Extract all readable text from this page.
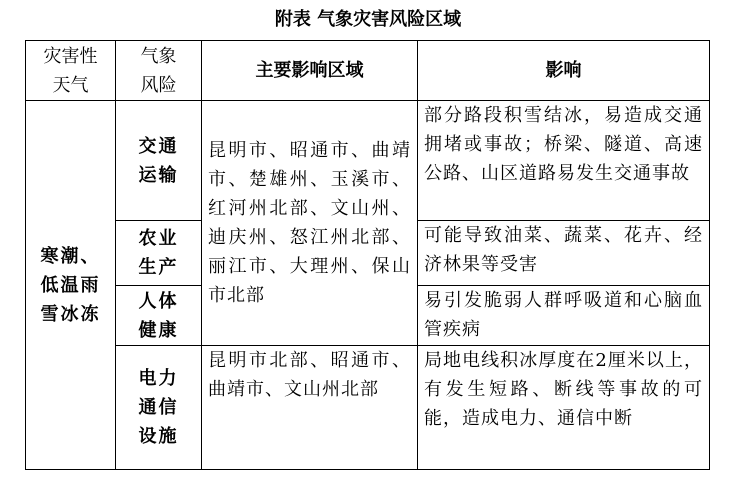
附表 气象灾害风险区域
灾害性天气	气象风险	主要影响区域	影响
寒潮、低温雨雪冰冻	交通运输	昆明市、昭通市、曲靖市、楚雄州、玉溪市、红河州北部、文山州、迪庆州、怒江州北部、丽江市、大理州、保山市北部	部分路段积雪结冰，易造成交通拥堵或事故；桥梁、隧道、高速公路、山区道路易发生交通事故
	农业生产		可能导致油菜、蔬菜、花卉、经济林果等受害
	人体健康		易引发脆弱人群呼吸道和心脑血管疾病
	电力通信设施	昆明市北部、昭通市、曲靖市、文山州北部	局地电线积冰厚度在2厘米以上，有发生短路、断线等事故的可能，造成电力、通信中断
